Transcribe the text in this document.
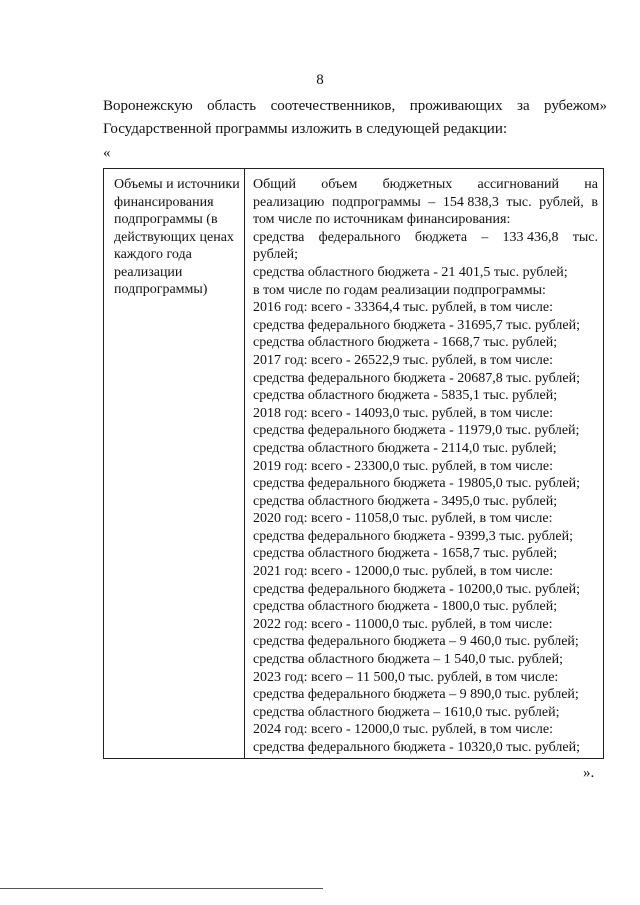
8
Воронежскую область соотечественников, проживающих за рубежом»
Государственной программы изложить в следующей редакции:
«
Объемы и источники финансирования подпрограммы (в действующих ценах каждого года реализации подпрограммы)
Общий объем бюджетных ассигнований на
реализацию подпрограммы – 154 838,3 тыс. рублей, в
том числе по источникам финансирования:
средства федерального бюджета – 133 436,8 тыс.
рублей;
средства областного бюджета - 21 401,5 тыс. рублей;
в том числе по годам реализации подпрограммы:
2016 год: всего - 33364,4 тыс. рублей, в том числе:
средства федерального бюджета - 31695,7 тыс. рублей;
средства областного бюджета - 1668,7 тыс. рублей;
2017 год: всего - 26522,9 тыс. рублей, в том числе:
средства федерального бюджета - 20687,8 тыс. рублей;
средства областного бюджета - 5835,1 тыс. рублей;
2018 год: всего - 14093,0 тыс. рублей, в том числе:
средства федерального бюджета - 11979,0 тыс. рублей;
средства областного бюджета - 2114,0 тыс. рублей;
2019 год: всего - 23300,0 тыс. рублей, в том числе:
средства федерального бюджета - 19805,0 тыс. рублей;
средства областного бюджета - 3495,0 тыс. рублей;
2020 год: всего - 11058,0 тыс. рублей, в том числе:
средства федерального бюджета - 9399,3 тыс. рублей;
средства областного бюджета - 1658,7 тыс. рублей;
2021 год: всего - 12000,0 тыс. рублей, в том числе:
средства федерального бюджета - 10200,0 тыс. рублей;
средства областного бюджета - 1800,0 тыс. рублей;
2022 год: всего - 11000,0 тыс. рублей, в том числе:
средства федерального бюджета – 9 460,0 тыс. рублей;
средства областного бюджета – 1 540,0 тыс. рублей;
2023 год: всего – 11 500,0 тыс. рублей, в том числе:
средства федерального бюджета – 9 890,0 тыс. рублей;
средства областного бюджета – 1610,0 тыс. рублей;
2024 год: всего - 12000,0 тыс. рублей, в том числе:
средства федерального бюджета - 10320,0 тыс. рублей;
».
